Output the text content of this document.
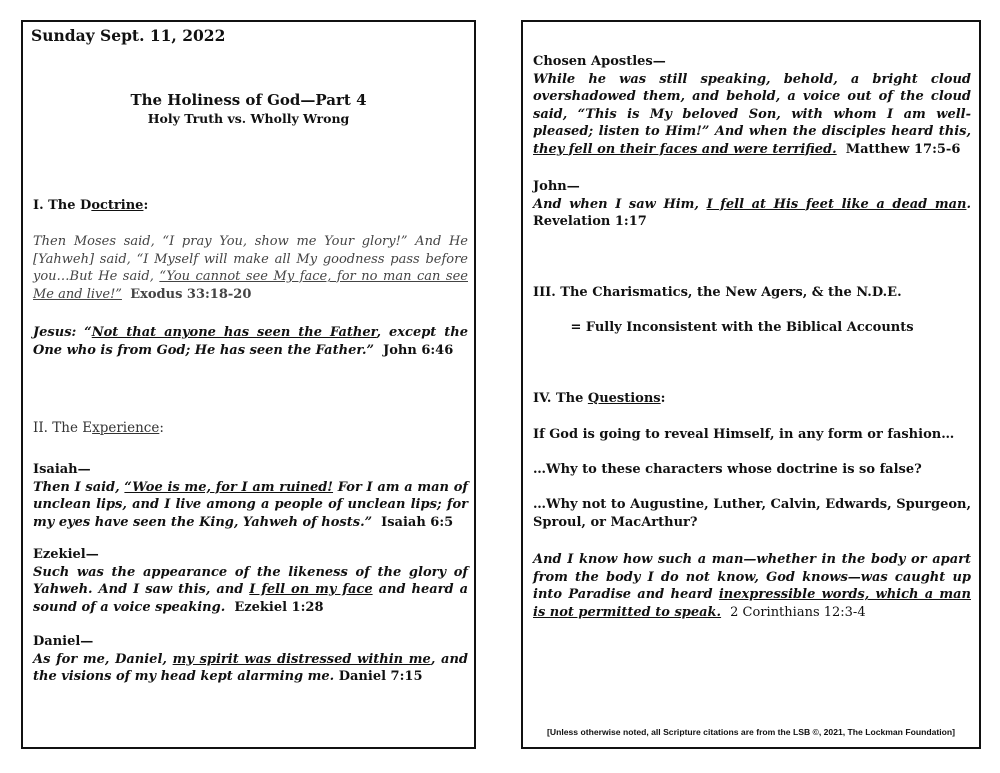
Sunday Sept. 11, 2022
The Holiness of God—Part 4
Holy Truth vs. Wholly Wrong

I. The Doctrine:

Then Moses said, “I pray You, show me Your glory!” And He [Yahweh] said, “I Myself will make all My goodness pass before you…But He said, “You cannot see My face, for no man can see Me and live!” Exodus 33:18-20

Jesus: “Not that anyone has seen the Father, except the One who is from God; He has seen the Father.” John 6:46

II. The Experience:

Isaiah—
Then I said, “Woe is me, for I am ruined! For I am a man of unclean lips, and I live among a people of unclean lips; for my eyes have seen the King, Yahweh of hosts.” Isaiah 6:5

Ezekiel—
Such was the appearance of the likeness of the glory of Yahweh. And I saw this, and I fell on my face and heard a sound of a voice speaking. Ezekiel 1:28

Daniel—
As for me, Daniel, my spirit was distressed within me, and the visions of my head kept alarming me. Daniel 7:15

Chosen Apostles—
While he was still speaking, behold, a bright cloud overshadowed them, and behold, a voice out of the cloud said, “This is My beloved Son, with whom I am well-pleased; listen to Him!” And when the disciples heard this, they fell on their faces and were terrified. Matthew 17:5-6

John—
And when I saw Him, I fell at His feet like a dead man. Revelation 1:17

III. The Charismatics, the New Agers, & the N.D.E.

= Fully Inconsistent with the Biblical Accounts

IV. The Questions:

If God is going to reveal Himself, in any form or fashion…

…Why to these characters whose doctrine is so false?

…Why not to Augustine, Luther, Calvin, Edwards, Spurgeon, Sproul, or MacArthur?

And I know how such a man—whether in the body or apart from the body I do not know, God knows—was caught up into Paradise and heard inexpressible words, which a man is not permitted to speak. 2 Corinthians 12:3-4

[Unless otherwise noted, all Scripture citations are from the LSB ©, 2021, The Lockman Foundation]
